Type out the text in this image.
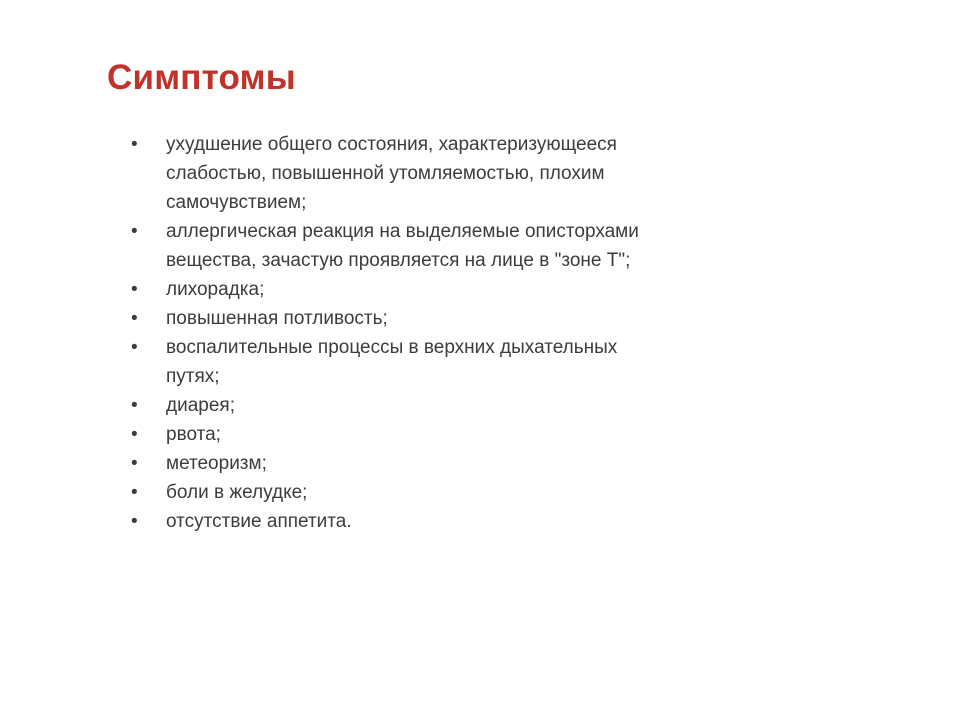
Симптомы
• ухудшение общего состояния, характеризующееся
слабостью, повышенной утомляемостью, плохим
самочувствием;
• аллергическая реакция на выделяемые описторхами
вещества, зачастую проявляется на лице в "зоне Т";
• лихорадка;
• повышенная потливость;
• воспалительные процессы в верхних дыхательных
путях;
• диарея;
• рвота;
• метеоризм;
• боли в желудке;
• отсутствие аппетита.
